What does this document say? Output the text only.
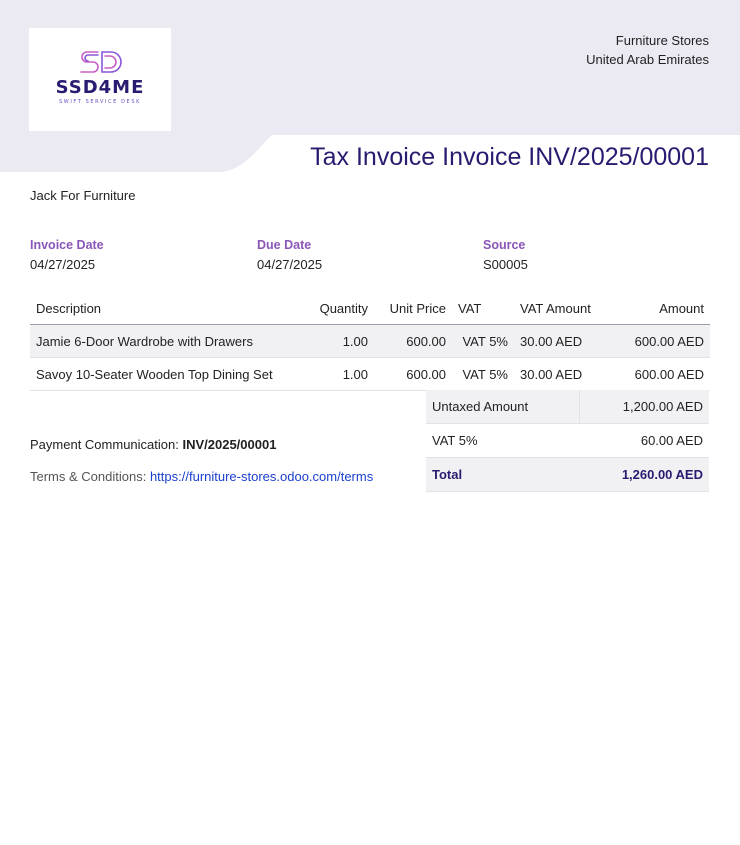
SSD4ME
SWIFT SERVICE DESK
Furniture Stores
United Arab Emirates
Tax Invoice Invoice INV/2025/00001
Jack For Furniture
Invoice Date
04/27/2025
Due Date
04/27/2025
Source
S00005
Description	Quantity	Unit Price	VAT	VAT Amount	Amount
Jamie 6-Door Wardrobe with Drawers	1.00	600.00	VAT 5%	30.00 AED	600.00 AED
Savoy 10-Seater Wooden Top Dining Set	1.00	600.00	VAT 5%	30.00 AED	600.00 AED
Untaxed Amount	1,200.00 AED
VAT 5%	60.00 AED
Total	1,260.00 AED
Payment Communication: INV/2025/00001
Terms & Conditions: https://furniture-stores.odoo.com/terms
